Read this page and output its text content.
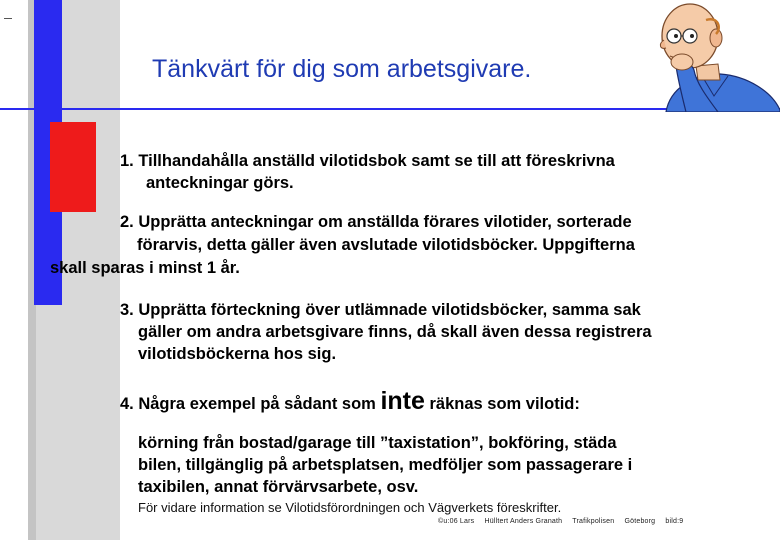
Tänkvärt för dig som arbetsgivare.
1. Tillhandahålla anställd vilotidsbok samt se till att föreskrivna
anteckningar görs.
2. Upprätta anteckningar om anställda förares vilotider, sorterade
förarvis, detta gäller även avslutade vilotidsböcker. Uppgifterna
skall sparas i minst 1 år.
3. Upprätta förteckning över utlämnade vilotidsböcker, samma sak
gäller om andra arbetsgivare finns, då skall även dessa registrera
vilotidsböckerna hos sig.
4. Några exempel på sådant som inte räknas som vilotid:
körning från bostad/garage till ”taxistation”, bokföring, städa
bilen, tillgänglig på arbetsplatsen, medföljer som passagerare i
taxibilen, annat förvärvsarbete, osv.
För vidare information se Vilotidsförordningen och Vägverkets föreskrifter.
©u:06 Lars Hülltert Anders Granath Trafikpolisen Göteborg bild:9
